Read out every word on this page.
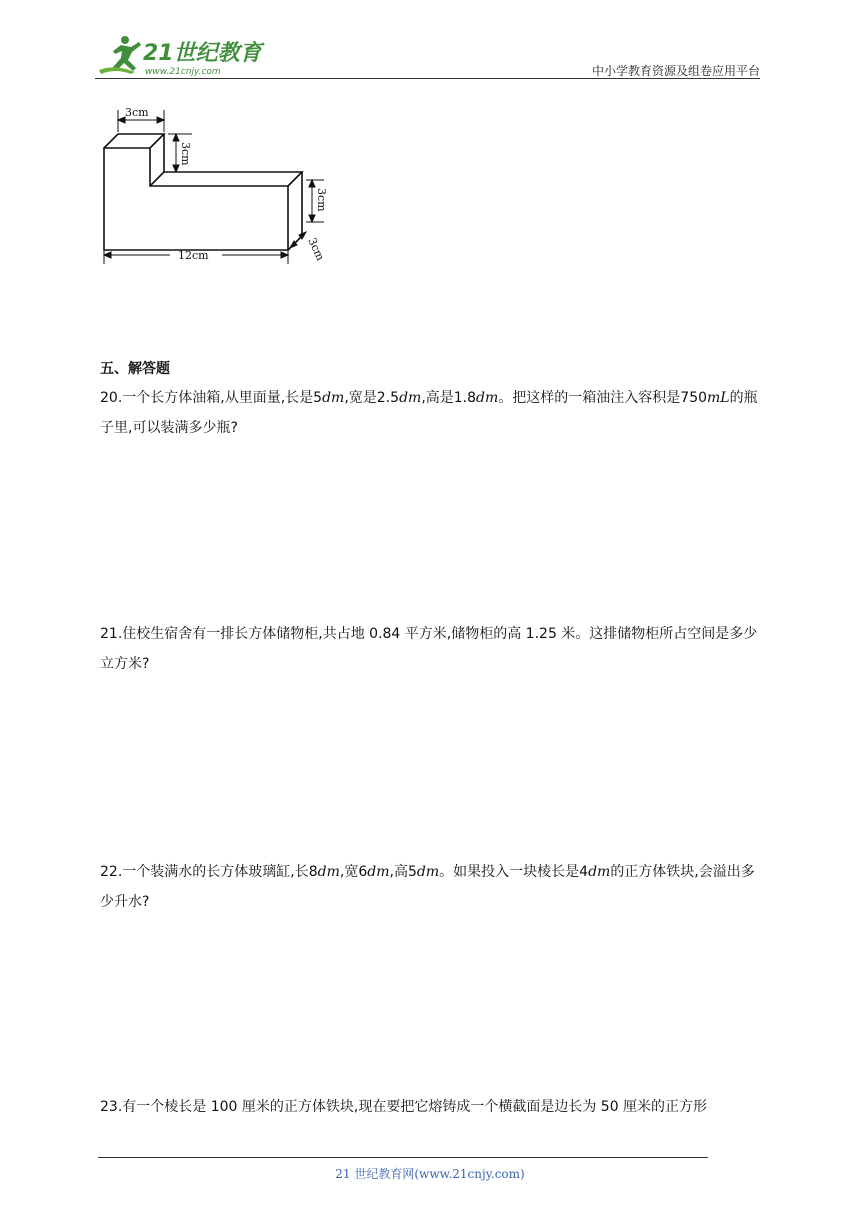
21世纪教育
www.21cnjy.com	中小学教育资源及组卷应用平台
3cm
3cm
3cm
12cm	3cm
五、解答题
20.一个长方体油箱,从里面量,长是5dm,宽是2.5dm,高是1.8dm。把这样的一箱油注入容积是750mL的瓶子里,可以装满多少瓶?
21.住校生宿舍有一排长方体储物柜,共占地 0.84 平方米,储物柜的高 1.25 米。这排储物柜所占空间是多少立方米?
22.一个装满水的长方体玻璃缸,长8dm,宽6dm,高5dm。如果投入一块棱长是4dm的正方体铁块,会溢出多少升水?
23.有一个棱长是 100 厘米的正方体铁块,现在要把它熔铸成一个横截面是边长为 50 厘米的正方形
21 世纪教育网(www.21cnjy.com)
